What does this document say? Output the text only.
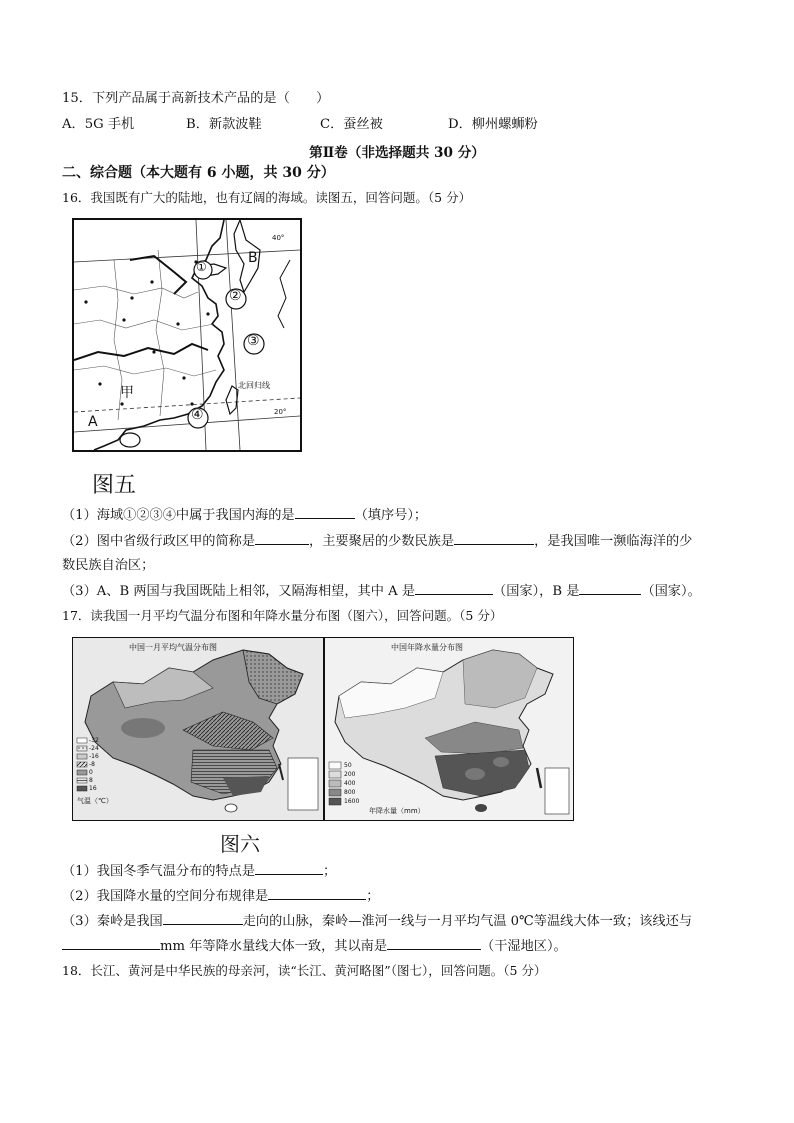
15．下列产品属于高新技术产品的是（　　）
A．5G 手机	B．新款波鞋	C．蚕丝被	D．柳州螺蛳粉
第Ⅱ卷（非选择题共 30 分）
二、综合题（本大题有 6 小题，共 30 分）
16．我国既有广大的陆地，也有辽阔的海域。读图五，回答问题。（5 分）
①
②
③
④
B
A
甲
40°
20°
北回归线
图五
（1）海域①②③④中属于我国内海的是	（填序号）；
（2）图中省级行政区甲的简称是	，主要聚居的少数民族是	，是我国唯一濒临海洋的少
数民族自治区；
（3）A、B 两国与我国既陆上相邻，又隔海相望，其中 A 是	（国家），B 是	（国家）。
17．读我国一月平均气温分布图和年降水量分布图（图六），回答问题。（5 分）
中国一月平均气温分布图
-32
-24
-16
-8
0
8
16
气温（℃）
中国年降水量分布图
50
200
400
800
1600
年降水量（mm）
图六
（1）我国冬季气温分布的特点是	；
（2）我国降水量的空间分布规律是	；
（3）秦岭是我国	走向的山脉，秦岭—淮河一线与一月平均气温 0℃等温线大体一致；该线还与
mm 年等降水量线大体一致，其以南是	（干湿地区）。
18．长江、黄河是中华民族的母亲河，读“长江、黄河略图”（图七），回答问题。（5 分）
